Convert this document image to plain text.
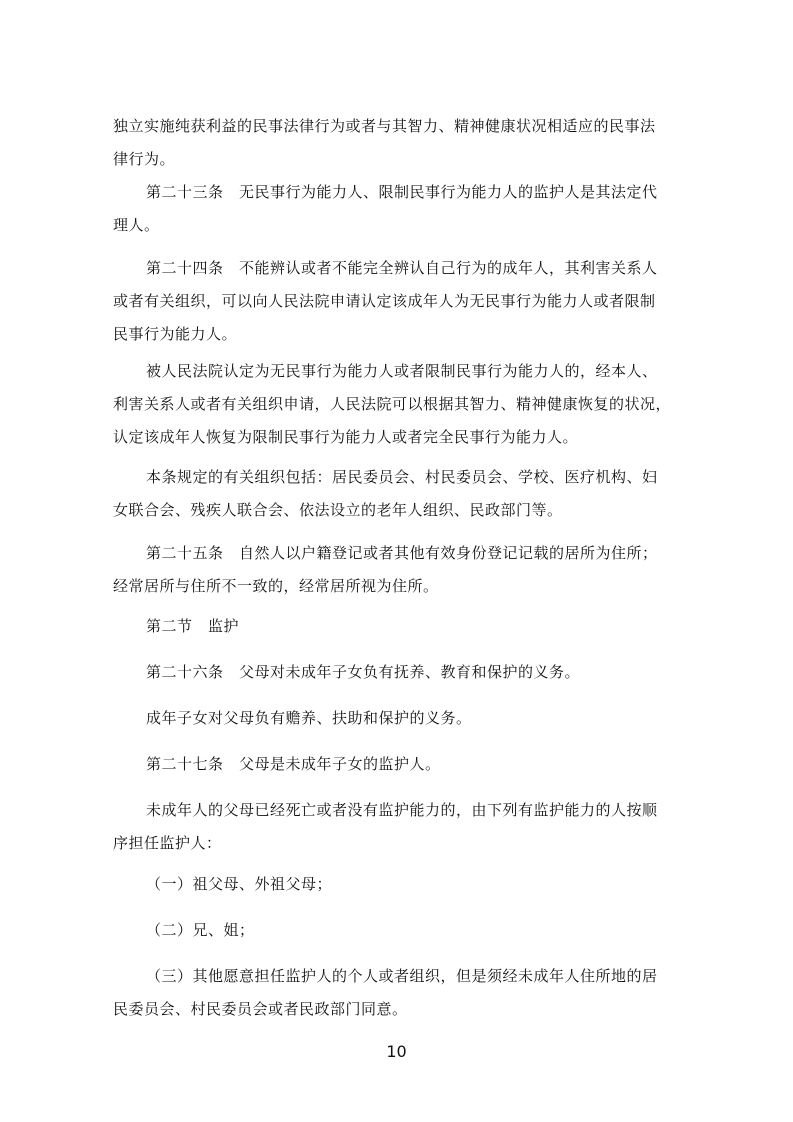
独立实施纯获利益的民事法律行为或者与其智力、精神健康状况相适应的民事法
律行为。

第二十三条　无民事行为能力人、限制民事行为能力人的监护人是其法定代
理人。

第二十四条　不能辨认或者不能完全辨认自己行为的成年人，其利害关系人
或者有关组织，可以向人民法院申请认定该成年人为无民事行为能力人或者限制
民事行为能力人。

被人民法院认定为无民事行为能力人或者限制民事行为能力人的，经本人、
利害关系人或者有关组织申请，人民法院可以根据其智力、精神健康恢复的状况，
认定该成年人恢复为限制民事行为能力人或者完全民事行为能力人。

本条规定的有关组织包括：居民委员会、村民委员会、学校、医疗机构、妇
女联合会、残疾人联合会、依法设立的老年人组织、民政部门等。

第二十五条　自然人以户籍登记或者其他有效身份登记记载的居所为住所；
经常居所与住所不一致的，经常居所视为住所。

第二节　监护

第二十六条　父母对未成年子女负有抚养、教育和保护的义务。

成年子女对父母负有赡养、扶助和保护的义务。

第二十七条　父母是未成年子女的监护人。

未成年人的父母已经死亡或者没有监护能力的，由下列有监护能力的人按顺
序担任监护人：

（一）祖父母、外祖父母；

（二）兄、姐；

（三）其他愿意担任监护人的个人或者组织，但是须经未成年人住所地的居
民委员会、村民委员会或者民政部门同意。

10
